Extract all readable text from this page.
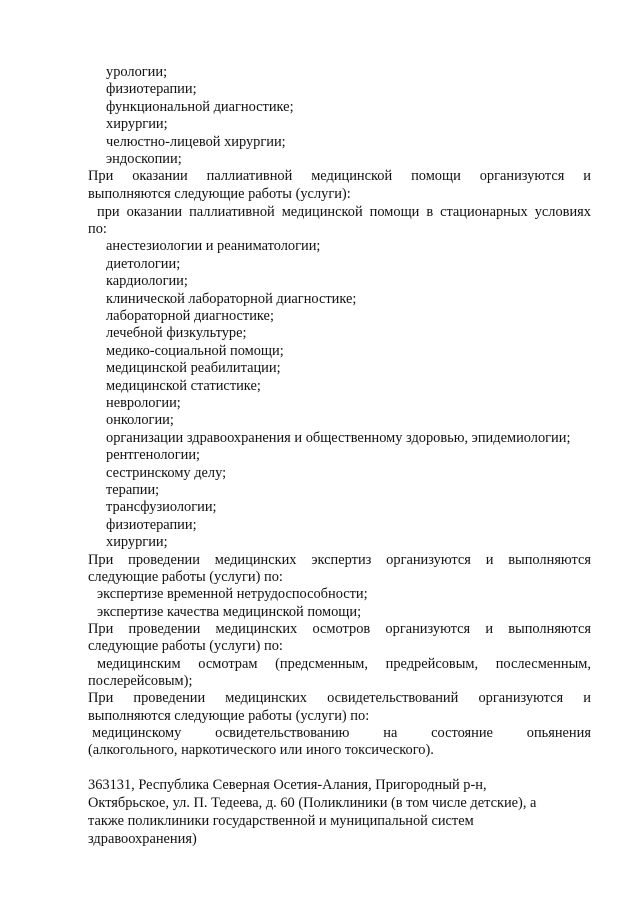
урологии;

физиотерапии;

функциональной диагностике;

хирургии;

челюстно-лицевой хирургии;

эндоскопии;

При оказании паллиативной медицинской помощи организуются и

выполняются следующие работы (услуги):

при оказании паллиативной медицинской помощи в стационарных условиях

по:

анестезиологии и реаниматологии;

диетологии;

кардиологии;

клинической лабораторной диагностике;

лабораторной диагностике;

лечебной физкультуре;

медико-социальной помощи;

медицинской реабилитации;

медицинской статистике;

неврологии;

онкологии;

организации здравоохранения и общественному здоровью, эпидемиологии;

рентгенологии;

сестринскому делу;

терапии;

трансфузиологии;

физиотерапии;

хирургии;

При проведении медицинских экспертиз организуются и выполняются

следующие работы (услуги) по:

экспертизе временной нетрудоспособности;

экспертизе качества медицинской помощи;

При проведении медицинских осмотров организуются и выполняются

следующие работы (услуги) по:

медицинским осмотрам (предсменным, предрейсовым, послесменным,

послерейсовым);

При проведении медицинских освидетельствований организуются и

выполняются следующие работы (услуги) по:

медицинскому освидетельствованию на состояние опьянения

(алкогольного, наркотического или иного токсического).

363131, Республика Северная Осетия-Алания, Пригородный р-н,

Октябрьское, ул. П. Тедеева, д. 60 (Поликлиники (в том числе детские), а

также поликлиники государственной и муниципальной систем

здравоохранения)
